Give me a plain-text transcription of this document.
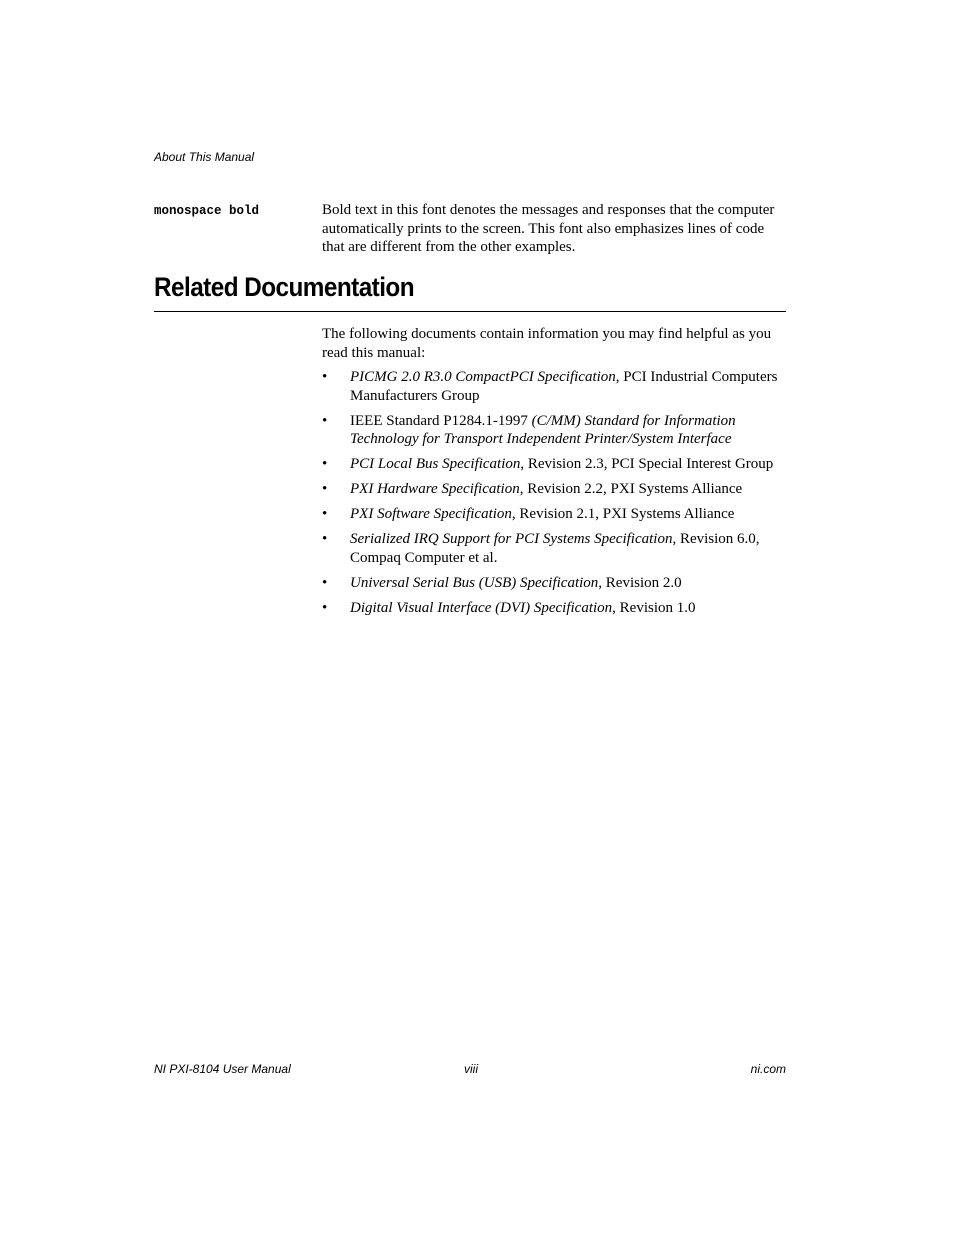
About This Manual
monospace bold	Bold text in this font denotes the messages and responses that the computer automatically prints to the screen. This font also emphasizes lines of code that are different from the other examples.
Related Documentation
The following documents contain information you may find helpful as you read this manual:
• PICMG 2.0 R3.0 CompactPCI Specification, PCI Industrial Computers Manufacturers Group
• IEEE Standard P1284.1-1997 (C/MM) Standard for Information Technology for Transport Independent Printer/System Interface
• PCI Local Bus Specification, Revision 2.3, PCI Special Interest Group
• PXI Hardware Specification, Revision 2.2, PXI Systems Alliance
• PXI Software Specification, Revision 2.1, PXI Systems Alliance
• Serialized IRQ Support for PCI Systems Specification, Revision 6.0, Compaq Computer et al.
• Universal Serial Bus (USB) Specification, Revision 2.0
• Digital Visual Interface (DVI) Specification, Revision 1.0
NI PXI-8104 User Manual	viii	ni.com
